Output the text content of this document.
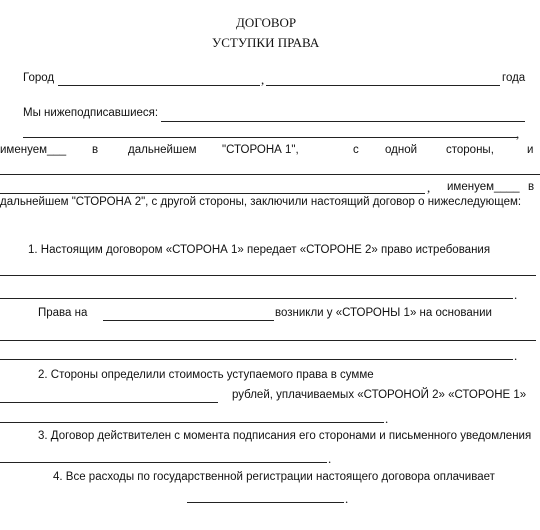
ДОГОВОР
УСТУПКИ ПРАВА
Город	,	года
Мы нижеподписавшиеся:
,
именуем___ в	дальнейшем "СТОРОНА 1",	с одной	стороны,	и
, именуем____ в
дальнейшем "СТОРОНА 2", с другой стороны, заключили настоящий договор о нижеследующем:
1. Настоящим договором «СТОРОНА 1» передает «СТОРОНЕ 2» право истребования
.
Права на	возникли у «СТОРОНЫ 1» на основании
.
2. Стороны определили стоимость уступаемого права в сумме
рублей, уплачиваемых «СТОРОНОЙ 2» «СТОРОНЕ 1»
.
3. Договор действителен с момента подписания его сторонами и письменного уведомления
.
4. Все расходы по государственной регистрации настоящего договора оплачивает
.
